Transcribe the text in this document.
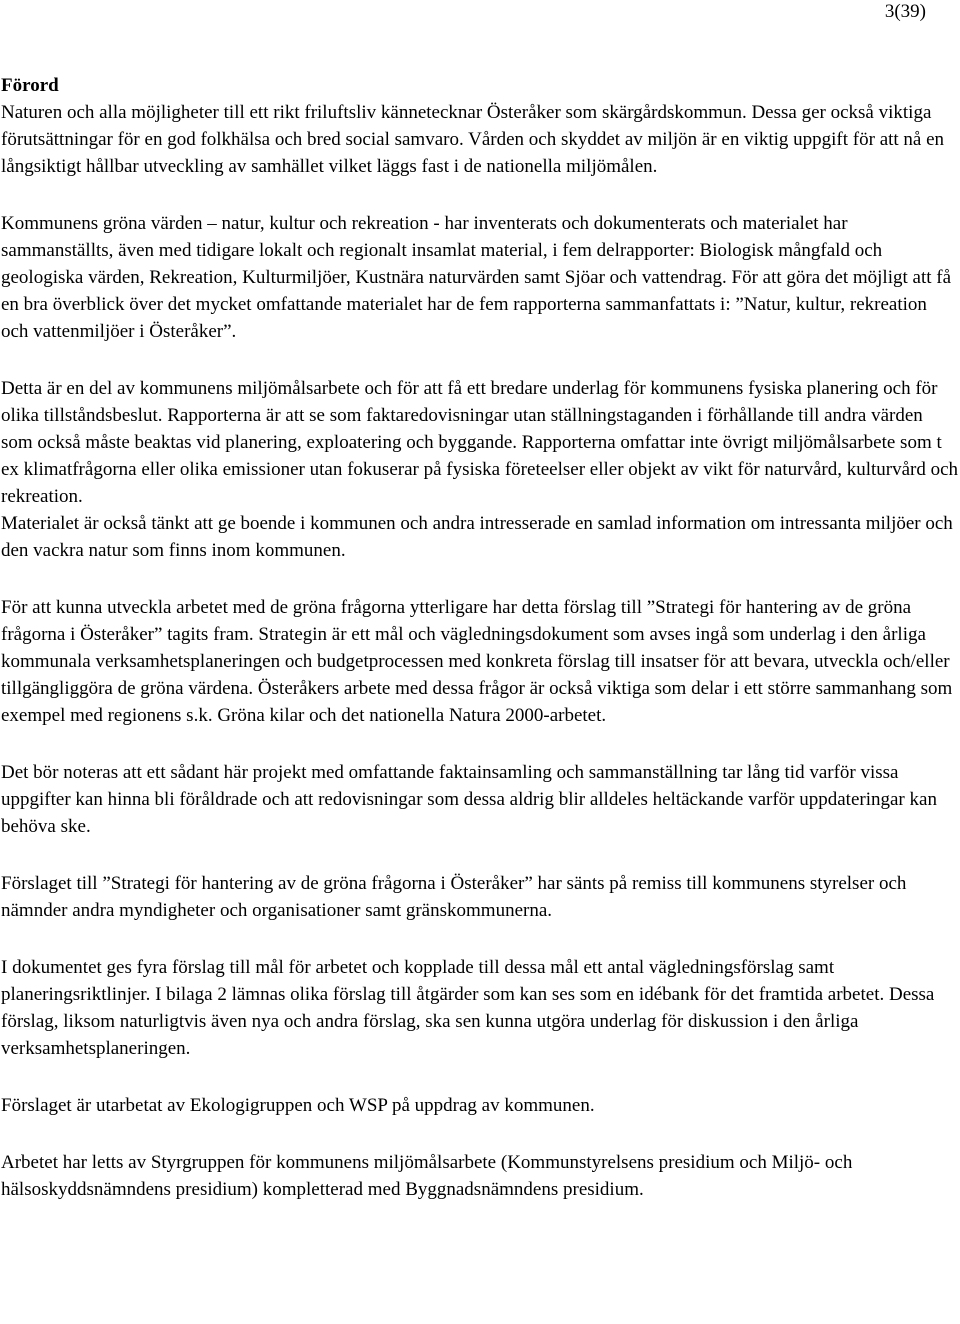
3(39)

Förord

Naturen och alla möjligheter till ett rikt friluftsliv kännetecknar Österåker som skärgårdskommun. Dessa ger också viktiga förutsättningar för en god folkhälsa och bred social samvaro. Vården och skyddet av miljön är en viktig uppgift för att nå en långsiktigt hållbar utveckling av samhället vilket läggs fast i de nationella miljömålen.

Kommunens gröna värden – natur, kultur och rekreation - har inventerats och dokumenterats och materialet har sammanställts, även med tidigare lokalt och regionalt insamlat material, i fem delrapporter: Biologisk mångfald och geologiska värden, Rekreation, Kulturmiljöer, Kustnära naturvärden samt Sjöar och vattendrag. För att göra det möjligt att få en bra överblick över det mycket omfattande materialet har de fem rapporterna sammanfattats i: ”Natur, kultur, rekreation och vattenmiljöer i Österåker”.

Detta är en del av kommunens miljömålsarbete och för att få ett bredare underlag för kommunens fysiska planering och för olika tillståndsbeslut. Rapporterna är att se som faktaredovisningar utan ställningstaganden i förhållande till andra värden som också måste beaktas vid planering, exploatering och byggande. Rapporterna omfattar inte övrigt miljömålsarbete som t ex klimatfrågorna eller olika emissioner utan fokuserar på fysiska företeelser eller objekt av vikt för naturvård, kulturvård och rekreation.

Materialet är också tänkt att ge boende i kommunen och andra intresserade en samlad information om intressanta miljöer och den vackra natur som finns inom kommunen.

För att kunna utveckla arbetet med de gröna frågorna ytterligare har detta förslag till ”Strategi för hantering av de gröna frågorna i Österåker” tagits fram. Strategin är ett mål och vägledningsdokument som avses ingå som underlag i den årliga kommunala verksamhetsplaneringen och budgetprocessen med konkreta förslag till insatser för att bevara, utveckla och/eller tillgängliggöra de gröna värdena. Österåkers arbete med dessa frågor är också viktiga som delar i ett större sammanhang som exempel med regionens s.k. Gröna kilar och det nationella Natura 2000-arbetet.

Det bör noteras att ett sådant här projekt med omfattande faktainsamling och sammanställning tar lång tid varför vissa uppgifter kan hinna bli föråldrade och att redovisningar som dessa aldrig blir alldeles heltäckande varför uppdateringar kan behöva ske.

Förslaget till ”Strategi för hantering av de gröna frågorna i Österåker” har sänts på remiss till kommunens styrelser och nämnder andra myndigheter och organisationer samt gränskommunerna.

I dokumentet ges fyra förslag till mål för arbetet och kopplade till dessa mål ett antal vägledningsförslag samt planeringsriktlinjer. I bilaga 2 lämnas olika förslag till åtgärder som kan ses som en idébank för det framtida arbetet. Dessa förslag, liksom naturligtvis även nya och andra förslag, ska sen kunna utgöra underlag för diskussion i den årliga verksamhetsplaneringen.

Förslaget är utarbetat av Ekologigruppen och WSP på uppdrag av kommunen.

Arbetet har letts av Styrgruppen för kommunens miljömålsarbete (Kommunstyrelsens presidium och Miljö- och hälsoskyddsnämndens presidium) kompletterad med Byggnadsnämndens presidium.
